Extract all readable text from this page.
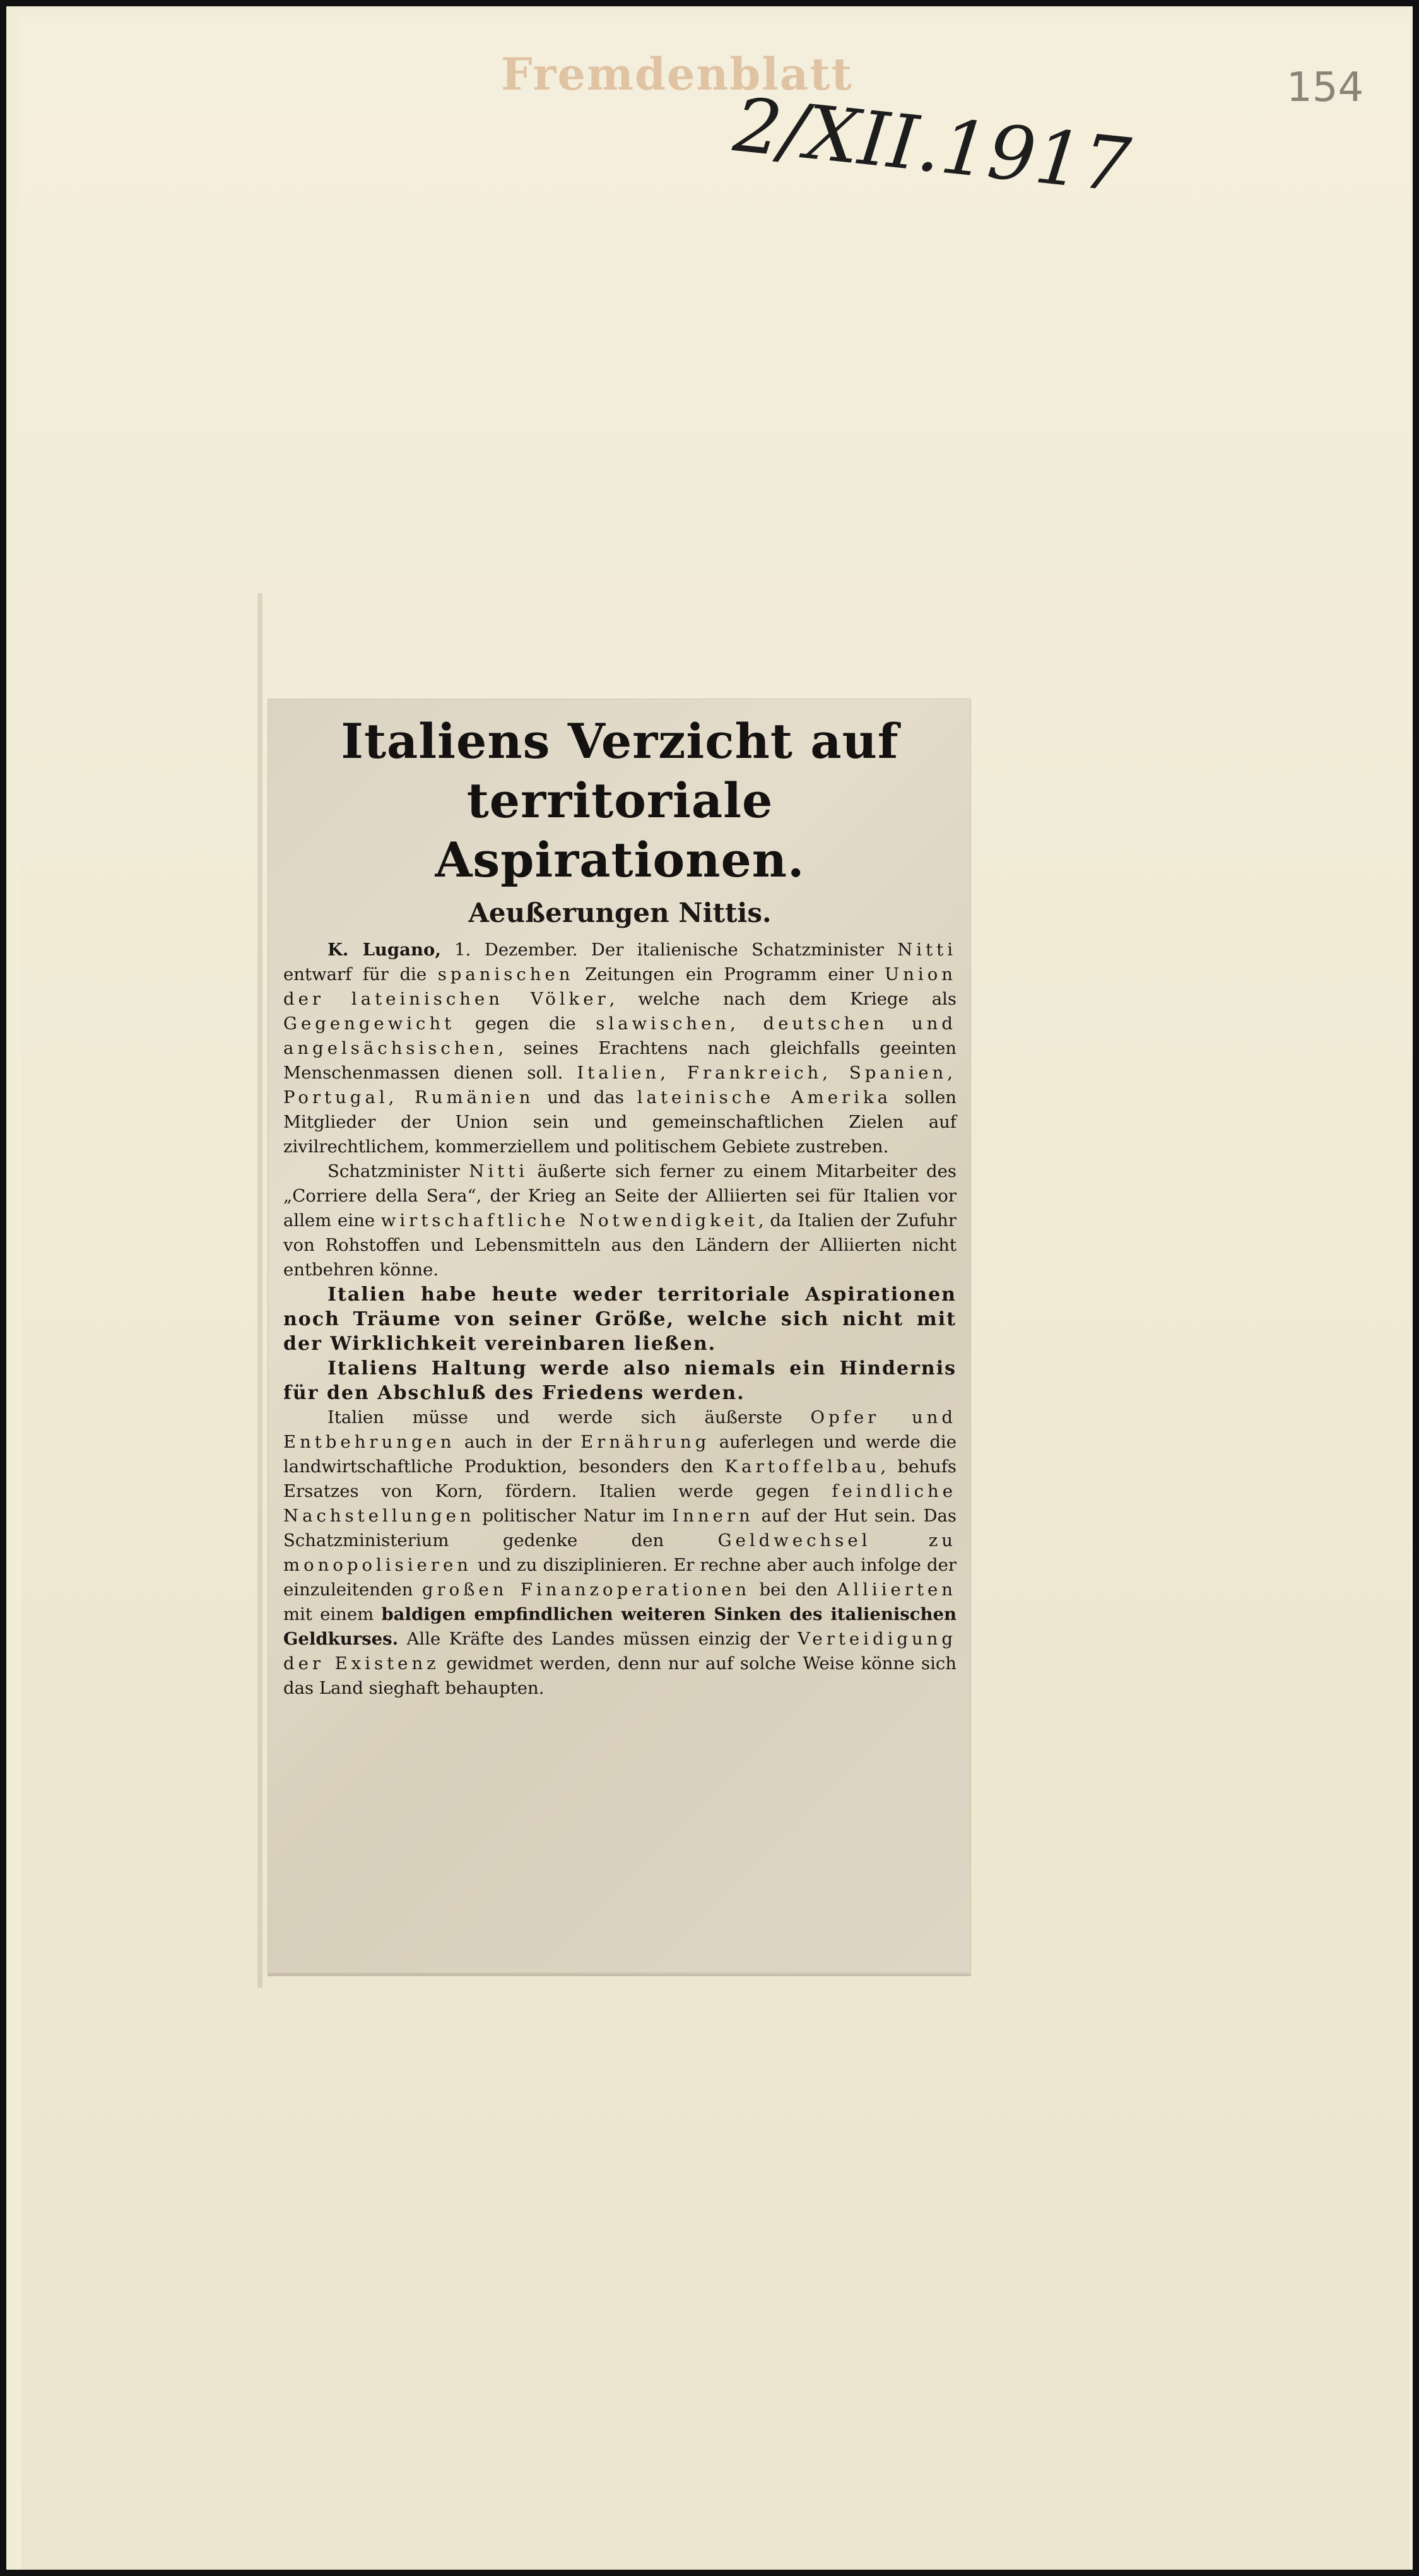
Fremdenblatt
2/XII.1917	154
Italiens Verzicht auf territoriale
Aspirationen.
Aeußerungen Nittis.

K. Lugano, 1. Dezember. Der italienische Schatzminister Nitti entwarf für die spanischen Zeitungen ein Programm einer Union der lateinischen Völker, welche nach dem Kriege als Gegengewicht gegen die slawischen, deutschen und angelsächsischen, seines Erachtens nach gleichfalls geeinten Menschenmassen dienen soll. Italien, Frankreich, Spanien, Portugal, Rumänien und das lateinische Amerika sollen Mitglieder der Union sein und gemeinschaftlichen Zielen auf zivilrechtlichem, kommerziellem und politischem Gebiete zustreben.

Schatzminister Nitti äußerte sich ferner zu einem Mitarbeiter des „Corriere della Sera“, der Krieg an Seite der Alliierten sei für Italien vor allem eine wirtschaftliche Notwendigkeit, da Italien der Zufuhr von Rohstoffen und Lebensmitteln aus den Ländern der Alliierten nicht entbehren könne.

Italien habe heute weder territoriale Aspirationen noch Träume von seiner Größe, welche sich nicht mit der Wirklichkeit vereinbaren ließen.

Italiens Haltung werde also niemals ein Hindernis für den Abschluß des Friedens werden.

Italien müsse und werde sich äußerste Opfer und Entbehrungen auch in der Ernährung auferlegen und werde die landwirtschaftliche Produktion, besonders den Kartoffelbau, behufs Ersatzes von Korn, fördern. Italien werde gegen feindliche Nachstellungen politischer Natur im Innern auf der Hut sein. Das Schatzministerium gedenke den Geldwechsel zu monopolisieren und zu disziplinieren. Er rechne aber auch infolge der einzuleitenden großen Finanzoperationen bei den Alliierten mit einem baldigen empfindlichen weiteren Sinken des italienischen Geldkurses. Alle Kräfte des Landes müssen einzig der Verteidigung der Existenz gewidmet werden, denn nur auf solche Weise könne sich das Land sieghaft behaupten.
